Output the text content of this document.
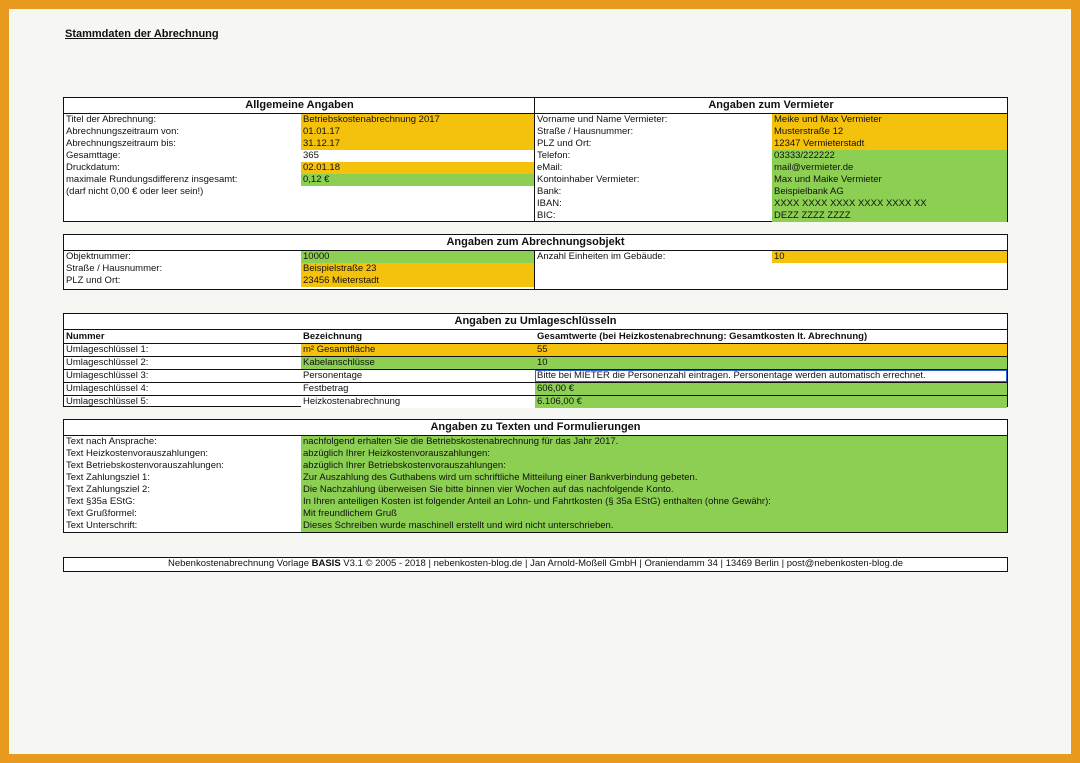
Stammdaten der Abrechnung
Allgemeine Angaben	Angaben zum Vermieter
Titel der Abrechnung:	Betriebskostenabrechnung 2017
Abrechnungszeitraum von:	01.01.17
Abrechnungszeitraum bis:	31.12.17
Gesamttage:	365
Druckdatum:	02.01.18
maximale Rundungsdifferenz insgesamt:	0,12 €
(darf nicht 0,00 € oder leer sein!)
Vorname und Name Vermieter:	Meike und Max Vermieter
Straße / Hausnummer:	Musterstraße 12
PLZ und Ort:	12347 Vermieterstadt
Telefon:	03333/222222
eMail:	mail@vermieter.de
Kontoinhaber Vermieter:	Max und Maike Vermieter
Bank:	Beispielbank AG
IBAN:	XXXX XXXX XXXX XXXX XXXX XX
BIC:	DEZZ ZZZZ ZZZZ
Angaben zum Abrechnungsobjekt
Objektnummer:	10000
Straße / Hausnummer:	Beispielstraße 23
PLZ und Ort:	23456 Mieterstadt
Anzahl Einheiten im Gebäude:	10
Angaben zu Umlageschlüsseln
Nummer	Bezeichnung	Gesamtwerte (bei Heizkostenabrechnung: Gesamtkosten lt. Abrechnung)
Umlageschlüssel 1:	m² Gesamtfläche	55
Umlageschlüssel 2:	Kabelanschlüsse	10
Umlageschlüssel 3:	Personentage	Bitte bei MIETER die Personenzahl eintragen. Personentage werden automatisch errechnet.
Umlageschlüssel 4:	Festbetrag	606,00 €
Umlageschlüssel 5:	Heizkostenabrechnung	6.106,00 €
Angaben zu Texten und Formulierungen
Text nach Ansprache:	nachfolgend erhalten Sie die Betriebskostenabrechnung für das Jahr 2017.
Text Heizkostenvorauszahlungen:	abzüglich Ihrer Heizkostenvorauszahlungen:
Text Betriebskostenvorauszahlungen:	abzüglich Ihrer Betriebskostenvorauszahlungen:
Text Zahlungsziel 1:	Zur Auszahlung des Guthabens wird um schriftliche Mitteilung einer Bankverbindung gebeten.
Text Zahlungsziel 2:	Die Nachzahlung überweisen Sie bitte binnen vier Wochen auf das nachfolgende Konto.
Text §35a EStG:	In Ihren anteiligen Kosten ist folgender Anteil an Lohn- und Fahrtkosten (§ 35a EStG) enthalten (ohne Gewähr):
Text Grußformel:	Mit freundlichem Gruß
Text Unterschrift:	Dieses Schreiben wurde maschinell erstellt und wird nicht unterschrieben.
Nebenkostenabrechnung Vorlage BASIS V3.1 © 2005 - 2018 | nebenkosten-blog.de | Jan Arnold-Moßell GmbH | Oraniendamm 34 | 13469 Berlin | post@nebenkosten-blog.de
